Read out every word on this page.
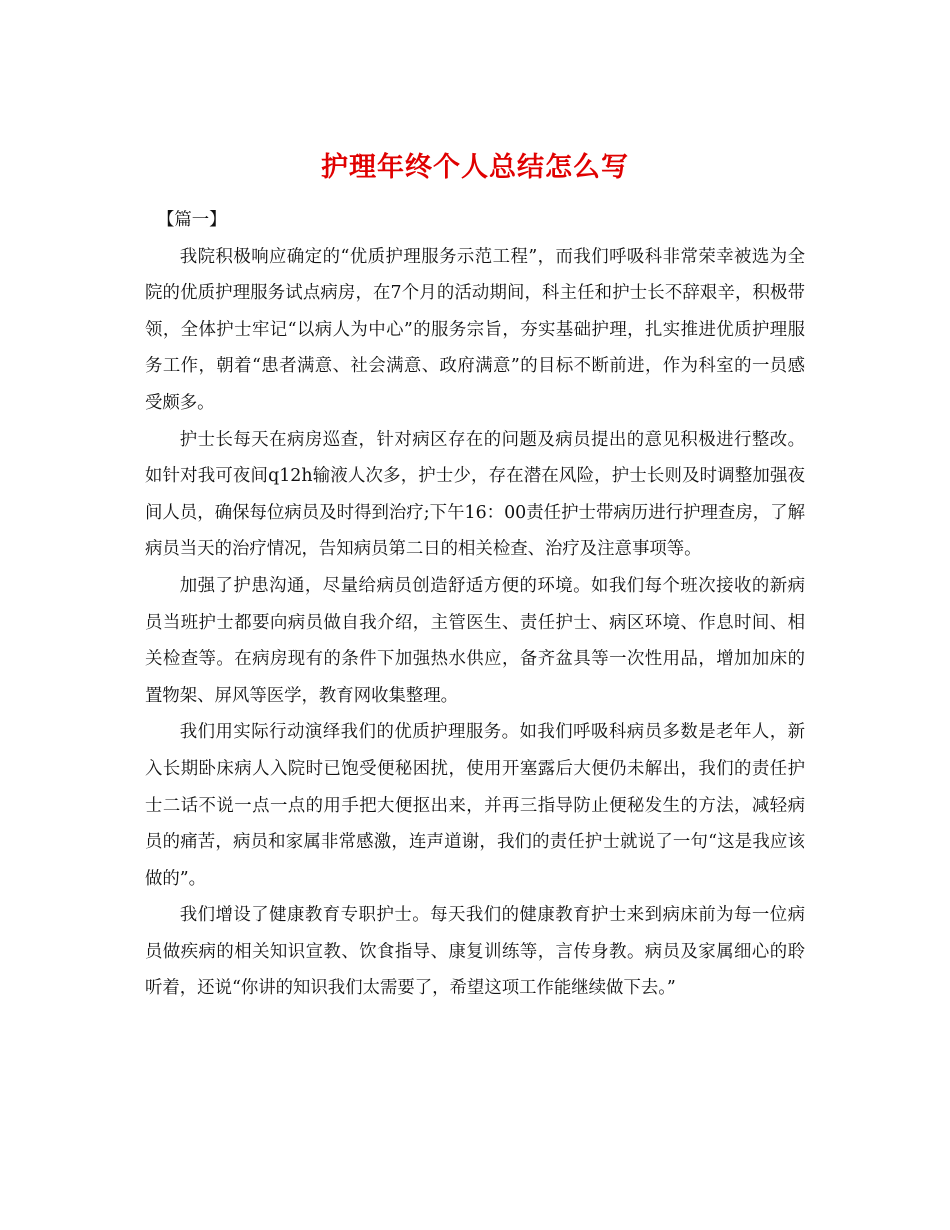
护理年终个人总结怎么写

【篇一】

我院积极响应确定的“优质护理服务示范工程”，而我们呼吸科非常荣幸被选为全院的优质护理服务试点病房，在7个月的活动期间，科主任和护士长不辞艰辛，积极带领，全体护士牢记“以病人为中心”的服务宗旨，夯实基础护理，扎实推进优质护理服务工作，朝着“患者满意、社会满意、政府满意”的目标不断前进，作为科室的一员感受颇多。

护士长每天在病房巡查，针对病区存在的问题及病员提出的意见积极进行整改。如针对我可夜间q12h输液人次多，护士少，存在潜在风险，护士长则及时调整加强夜间人员，确保每位病员及时得到治疗;下午16：00责任护士带病历进行护理查房，了解病员当天的治疗情况，告知病员第二日的相关检查、治疗及注意事项等。

加强了护患沟通，尽量给病员创造舒适方便的环境。如我们每个班次接收的新病员当班护士都要向病员做自我介绍，主管医生、责任护士、病区环境、作息时间、相关检查等。在病房现有的条件下加强热水供应，备齐盆具等一次性用品，增加加床的置物架、屏风等医学，教育网收集整理。

我们用实际行动演绎我们的优质护理服务。如我们呼吸科病员多数是老年人，新入长期卧床病人入院时已饱受便秘困扰，使用开塞露后大便仍未解出，我们的责任护士二话不说一点一点的用手把大便抠出来，并再三指导防止便秘发生的方法，减轻病员的痛苦，病员和家属非常感激，连声道谢，我们的责任护士就说了一句“这是我应该做的”。

我们增设了健康教育专职护士。每天我们的健康教育护士来到病床前为每一位病员做疾病的相关知识宣教、饮食指导、康复训练等，言传身教。病员及家属细心的聆听着，还说“你讲的知识我们太需要了，希望这项工作能继续做下去。”
